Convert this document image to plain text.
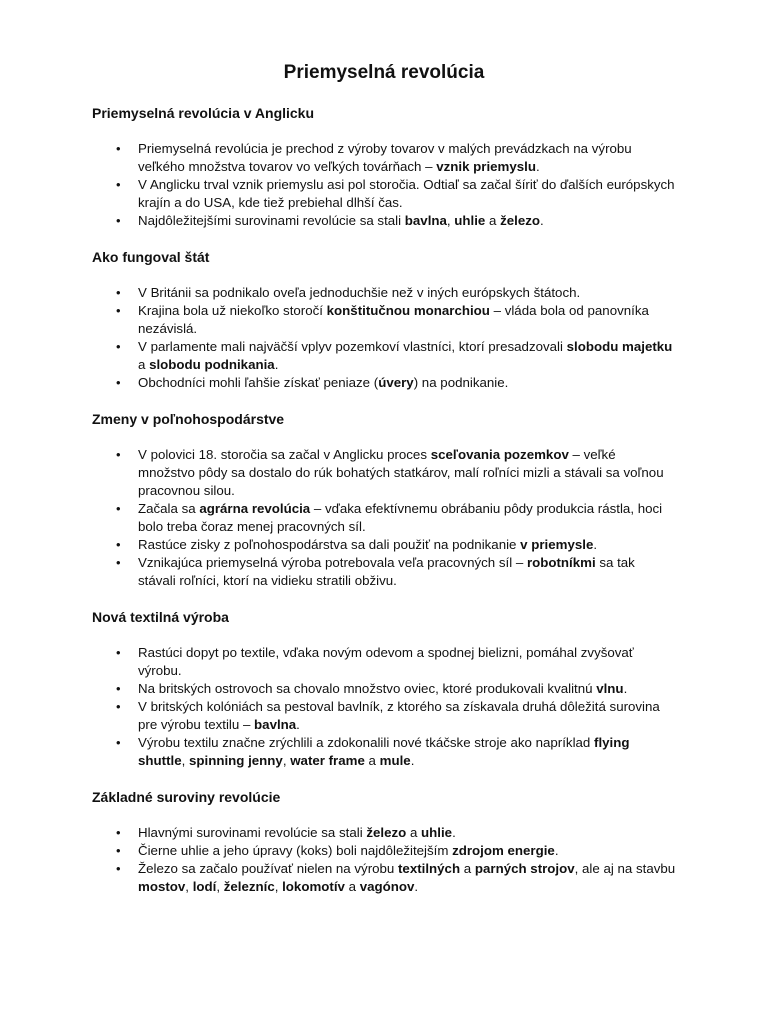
Priemyselná revolúcia
Priemyselná revolúcia v Anglicku
• Priemyselná revolúcia je prechod z výroby tovarov v malých prevádzkach na výrobu veľkého množstva tovarov vo veľkých továrňach – vznik priemyslu.
• V Anglicku trval vznik priemyslu asi pol storočia. Odtiaľ sa začal šíriť do ďalších európskych krajín a do USA, kde tiež prebiehal dlhší čas.
• Najdôležitejšími surovinami revolúcie sa stali bavlna, uhlie a železo.
Ako fungoval štát
• V Británii sa podnikalo oveľa jednoduchšie než v iných európskych štátoch.
• Krajina bola už niekoľko storočí konštitučnou monarchiou – vláda bola od panovníka nezávislá.
• V parlamente mali najväčší vplyv pozemkoví vlastníci, ktorí presadzovali slobodu majetku a slobodu podnikania.
• Obchodníci mohli ľahšie získať peniaze (úvery) na podnikanie.
Zmeny v poľnohospodárstve
• V polovici 18. storočia sa začal v Anglicku proces sceľovania pozemkov – veľké množstvo pôdy sa dostalo do rúk bohatých statkárov, malí roľníci mizli a stávali sa voľnou pracovnou silou.
• Začala sa agrárna revolúcia – vďaka efektívnemu obrábaniu pôdy produkcia rástla, hoci bolo treba čoraz menej pracovných síl.
• Rastúce zisky z poľnohospodárstva sa dali použiť na podnikanie v priemysle.
• Vznikajúca priemyselná výroba potrebovala veľa pracovných síl – robotníkmi sa tak stávali roľníci, ktorí na vidieku stratili obživu.
Nová textilná výroba
• Rastúci dopyt po textile, vďaka novým odevom a spodnej bielizni, pomáhal zvyšovať výrobu.
• Na britských ostrovoch sa chovalo množstvo oviec, ktoré produkovali kvalitnú vlnu.
• V britských kolóniách sa pestoval bavlník, z ktorého sa získavala druhá dôležitá surovina pre výrobu textilu – bavlna.
• Výrobu textilu značne zrýchlili a zdokonalili nové tkáčske stroje ako napríklad flying shuttle, spinning jenny, water frame a mule.
Základné suroviny revolúcie
• Hlavnými surovinami revolúcie sa stali železo a uhlie.
• Čierne uhlie a jeho úpravy (koks) boli najdôležitejším zdrojom energie.
• Železo sa začalo používať nielen na výrobu textilných a parných strojov, ale aj na stavbu mostov, lodí, železníc, lokomotív a vagónov.
